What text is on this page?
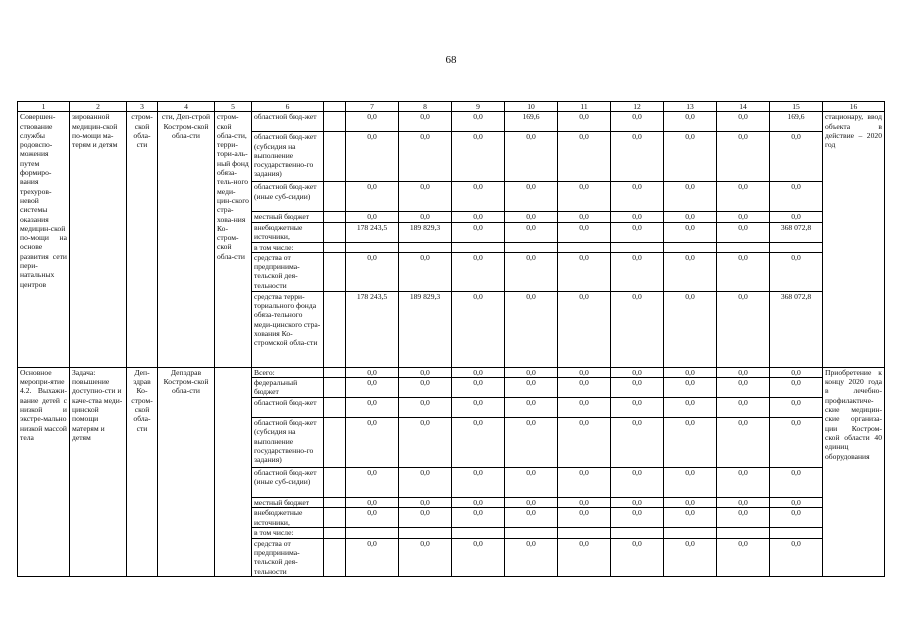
68
1	2	3	4	5	6		7	8	9	10	11	12	13	14	15	16
Совершен-ствование службы родовспо-можения путем формиро-вания трехуров-невой системы оказания медицин-ской по-мощи на основе развития сети пери-натальных центров	зированной медицин-ской по-мощи ма-терям и детям	стром-ской обла-сти	сти, Деп-строй Костром-ской обла-сти	стром-ской обла-сти, терри-тори-аль-ный фонд обяза-тель-ного меди-цин-ского стра-хова-ния Ко-стром-ской обла-сти	областной бюд-жет		0,0	0,0	0,0	169,6	0,0	0,0	0,0	0,0	169,6	стационару, ввод объекта в действие – 2020 год
					областной бюд-жет (субсидия на выполнение государственно-го задания)		0,0	0,0	0,0	0,0	0,0	0,0	0,0	0,0	0,0	
					областной бюд-жет (иные суб-сидии)		0,0	0,0	0,0	0,0	0,0	0,0	0,0	0,0	0,0	
					местный бюджет		0,0	0,0	0,0	0,0	0,0	0,0	0,0	0,0	0,0	
					внебюджетные источники,		178 243,5	189 829,3	0,0	0,0	0,0	0,0	0,0	0,0	368 072,8	
					в том числе:											
					средства от предпринима-тельской дея-тельности		0,0	0,0	0,0	0,0	0,0	0,0	0,0	0,0	0,0	
					средства терри-ториального фонда обяза-тельного меди-цинского стра-хования Ко-стромской обла-сти		178 243,5	189 829,3	0,0	0,0	0,0	0,0	0,0	0,0	368 072,8	
Основное меропри-ятие 4.2. Выхажи-вание детей с низкой и экстре-мально низкой массой тела	Задача: повышение доступно-сти и каче-ства меди-цинской помощи матерям и детям	Деп-здрав Ко-стром-ской обла-сти	Депздрав Костром-ской обла-сти		Всего:		0,0	0,0	0,0	0,0	0,0	0,0	0,0	0,0	0,0	Приобретение к концу 2020 года в лечебно-профилактиче-ские медицин-ские организа-ции Костром-ской области 40 единиц оборудования
					федеральный бюджет		0,0	0,0	0,0	0,0	0,0	0,0	0,0	0,0	0,0	
					областной бюд-жет		0,0	0,0	0,0	0,0	0,0	0,0	0,0	0,0	0,0	
					областной бюд-жет (субсидия на выполнение государственно-го задания)		0,0	0,0	0,0	0,0	0,0	0,0	0,0	0,0	0,0	
					областной бюд-жет (иные суб-сидии)		0,0	0,0	0,0	0,0	0,0	0,0	0,0	0,0	0,0	
					местный бюджет		0,0	0,0	0,0	0,0	0,0	0,0	0,0	0,0	0,0	
					внебюджетные источники,		0,0	0,0	0,0	0,0	0,0	0,0	0,0	0,0	0,0	
					в том числе:											
					средства от предпринима-тельской дея-тельности		0,0	0,0	0,0	0,0	0,0	0,0	0,0	0,0	0,0	
